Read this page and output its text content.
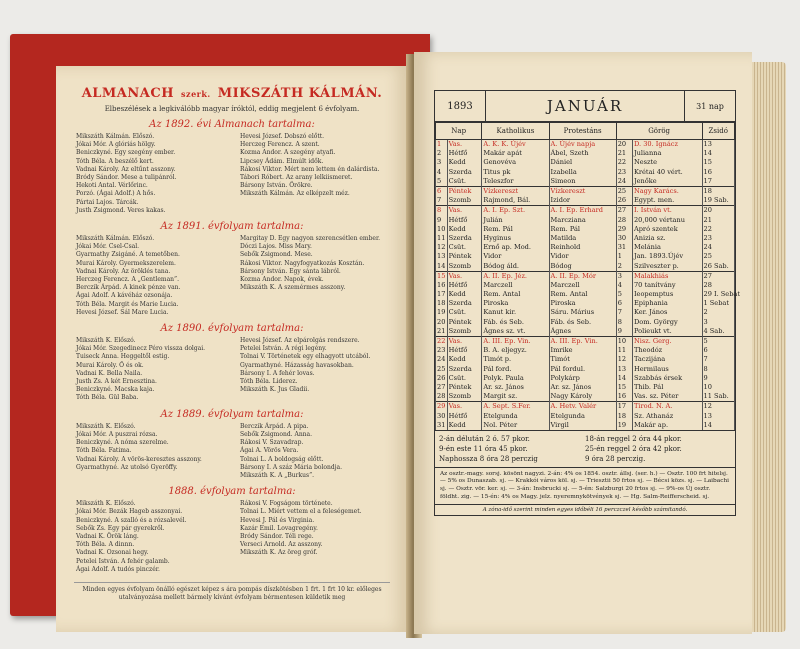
ALMANACH szerk. MIKSZÁTH KÁLMÁN.
Elbeszélések a legkiválóbb magyar íróktól, eddig megjelent 6 évfolyam.
Az 1892. évi Almanach tartalma:
Mikszáth Kálmán. Előszó.
Jókai Mór. A glóriás hölgy.
Beniczkyné. Egy szegény ember.
Tóth Béla. A beszélő kert.
Vadnai Károly. Az eltűnt asszony.
Bródy Sándor. Mese a tulipánról.
Hekoti Antal. Vérlőrinc.
Porzó. (Ágai Adolf.) A hős.
Pártai Lajos. Tárcák.
Justh Zsigmond. Veres kakas.
Hevesi József. Dobszó előtt.
Herczeg Ferencz. A szent.
Kozma Andor. A szegény atyafi.
Lipcsey Ádám. Elmúlt idők.
Rákosi Viktor. Mért nem lettem én dalárdista.
Tábori Róbert. Az arany lelkiismeret.
Bársony István. Örökre.
Mikszáth Kálmán. Az elképzelt méz.
Az 1891. évfolyam tartalma:
Mikszáth Kálmán. Előszó.
Jókai Mór. Csel-Csal.
Gyarmathy Zsigáné. A temetőben.
Murai Károly. Gyermekszerelem.
Vadnai Károly. Az öröklés tana.
Herczeg Ferencz. A „Gentleman”.
Berczik Árpád. A kinek pénze van.
Ágai Adolf. A kávéház ozsonája.
Tóth Béla. Margit és Marie Lucia.
Hevesi József. Sál Mare Lucia.
Margitay D. Egy nagyon szerencsétlen ember.
Dóczi Lajos. Miss Mary.
Sebők Zsigmond. Mese.
Rákosi Viktor. Nagyfogyatkozás Kosztán.
Bársony István. Egy sánta lábról.
Kozma Andor. Napok, évek.
Mikszáth K. A szemérmes asszony.
Az 1890. évfolyam tartalma:
Mikszáth K. Előszó.
Jókai Mór. Szegedinecz Péro vissza dolgai.
Tuiseck Anna. Heggeltől estig.
Murai Károly. Ő és ok.
Vadnai K. Bella Naila.
Justh Zs. A két Ernesztina.
Beniczkyné. Macska kaja.
Tóth Béla. Gül Baba.
Hevesi József. Az elpárolgás rendszere.
Petelei István. A régi legény.
Tolnai V. Történetek egy elhagyott utcából.
Gyarmathyné. Házasság havasokban.
Bársony I. A fehér lovas.
Tóth Béla. Liderez.
Mikszáth K. Jus Gladii.
Az 1889. évfolyam tartalma:
Mikszáth K. Előszó.
Jókai Mór. A puszrai rózsa.
Beniczkyné. A nóma szerelme.
Tóth Béla. Fatima.
Vadnai Károly. A vörös-keresztes asszony.
Gyarmathyné. Az utolsó Gyeröffy.
Berczik Árpád. A pipa.
Sebők Zsigmond. Anna.
Rákosi V. Szavadrap.
Ágai A. Vörös Vera.
Tolnai L. A boldogság előtt.
Bársony I. A száz Mária bolondja.
Mikszáth K. A „Burkus”.
1888. évfolyam tartalma:
Mikszáth K. Előszó.
Jókai Mór. Bezák Hageb asszonyai.
Beniczkyné. A szalló és a rózsalevél.
Sebők Zs. Egy pár gyerekről.
Vadnai K. Örök láng.
Tóth Béla. A dinnn.
Vadnai K. Ozsonai hegy.
Petelei István. A fehér galamb.
Ágai Adolf. A tudós pinczér.
Rákosi V. Fogságom története.
Tolnai L. Miért vettem el a feleségemet.
Hevesi J. Pál és Virginia.
Kazár Emil. Lovagregény.
Bródy Sándor. Téli rege.
Verseci Arnold. Az asszony.
Mikszáth K. Az öreg gróf.
Minden egyes évfolyam önálló egészet képez s ára pompás díszkötésben 1 frt. 1 frt 10 kr. előleges utalványozása mellett bármely kívánt évfolyam bérmentesen küldetik meg
1893	JANUÁR	31 nap
Nap		Katholikus	Protestáns	Görög		Zsidó
1	Vas.	A. K. K. Újév	A. Újév napja	20	D. 30. Ignácz	13
2	Hétfő	Makár apát	Ábel, Szeth	21	Julianna	14
3	Kedd	Genovéva	Dániel	22	Neszte	15
4	Szerda	Titus pk	Izabella	23	Krétai 40 vért.	16
5	Csüt.	Teleszfor	Simeon	24	Jenőke	17
6	Péntek	Vízkereszt	Vízkereszt	25	Nagy Karács.	18
7	Szomb	Rajmond, Bál.	Izidor	26	Egypt. men.	19 Sab.
8	Vas.	A. I. Ep. Szt.	A. I. Ep. Erhard	27	I. István vt.	20
9	Hétfő	Julián	Marcziana	28	20,000 vértanu	21
10	Kedd	Rem. Pál	Rem. Pál	29	Apró szentek	22
11	Szerda	Hyginus	Matilda	30	Anizia sz.	23
12	Csüt.	Ernő ap. Mod.	Reinhold	31	Melánia	24
13	Péntek	Vidor	Vidor	1	Jan. 1893.Újév	25
14	Szomb	Bódog áld.	Bódog	2	Szilveszter p.	26 Sab.
15	Vas.	A. II. Ep. Jéz.	A. II. Ep. Mór	3	Malakhiás	27
16	Hétfő	Marczell	Marczell	4	70 tanítvány	28
17	Kedd	Rem. Antal	Rem. Antal	5	Ieopemptus	29 I. Sebat
18	Szerda	Piroska	Piroska	6	Epiphania	1 Sebat
19	Csüt.	Kanut kir.	Sáru. Márius	7	Ker. János	2
20	Péntek	Fáb. és Seb.	Fáb. és Seb.	8	Dom. György	3
21	Szomb	Ágnes sz. vt.	Ágnes	9	Polieukt vt.	4 Sab.
22	Vas.	A. III. Ep. Vin.	A. III. Ep. Vin.	10	Nisz. Gerg.	5
23	Hétfő	B. A. eljegyz.	Imrike	11	Theodóz	6
24	Kedd	Timót p.	Timót	12	Taczijána	7
25	Szerda	Pál ford.	Pál fordul.	13	Hermilaus	8
26	Csüt.	Polyk. Paula	Polykárp	14	Szabbás érsek	9
27	Péntek	Ar. sz. János	Ar. sz. János	15	Thib. Pál	10
28	Szomb	Margit sz.	Nagy Károly	16	Vas. sz. Péter	11 Sab.
29	Vas.	A. Sept. S.Fer.	A. Hetv. Valér	17	Tirod. N. A.	12
30	Hétfő	Etelgunda	Etelgunda	18	Sz. Athanáz	13
31	Kedd	Nol. Péter	Virgil	19	Makár ap.	14
2-án délután 2 ó. 57 pkor.
9-én este 11 óra 45 pkor.
Naphossza 8 óra 28 perczig
18-án reggel 2 óra 44 pkor.
25-én reggel 2 óra 42 pkor.
9 óra 28 perczig.
Az osztr.-magy. sorsj. kösönt nagyzi. 2-án: 4% os 1854. osztr. állsj. (ser. h.) — Osztr. 100 frt hitelsj. — 5% os Dunaszab. sj. — Krakkói város köl. sj. — Triesztii 50 frtos sj. — Bécsi közs. sj. — Laibachi sj. — Osztr. vör. ker. sj. — 3-án: Insbrucki sj. — 5-én: Salzburgi 20 frtos sj. — 9%-os Új osztr. földht. zig. — 15-én: 4% os Magy. jelz. nyeremnykötvények sj. — Hg. Salm-Reifferscheid. sj.
A zóna-idő szerint minden egyes időbéli 16 perczczel később számitandó.
